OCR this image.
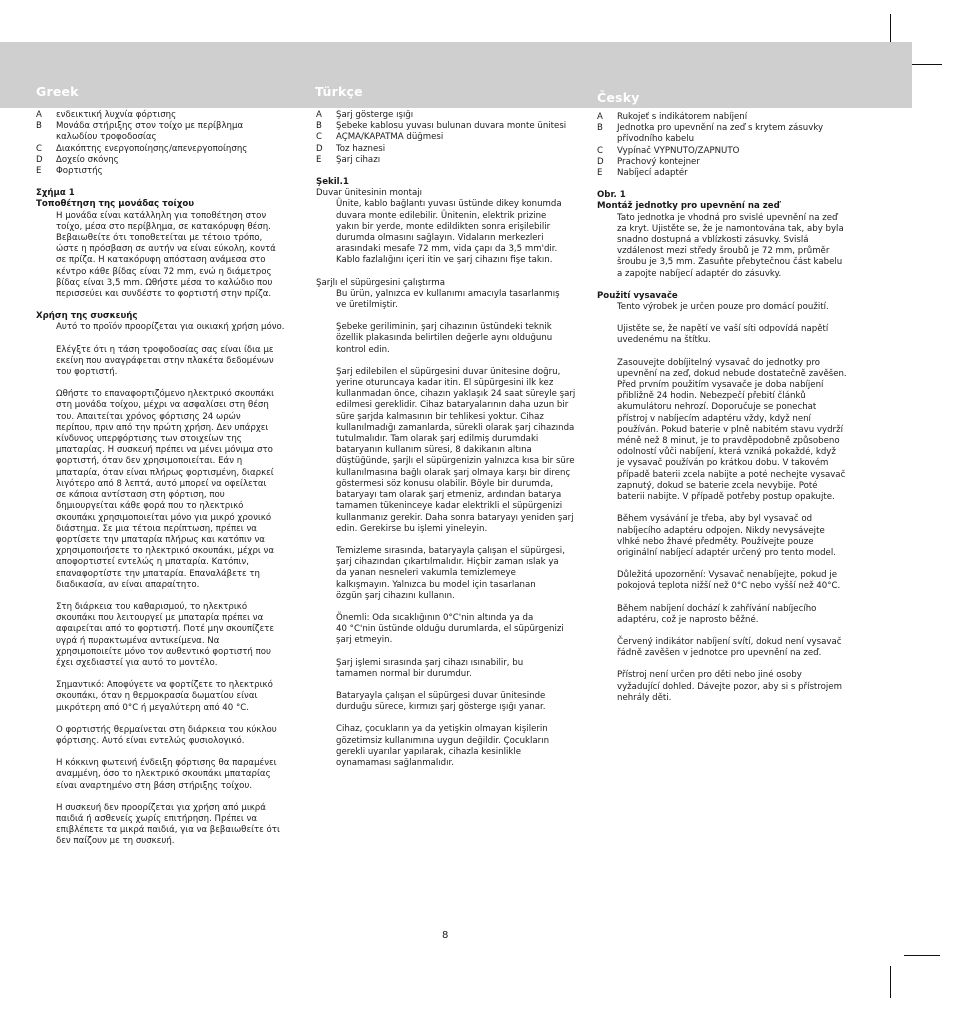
Greek	Türkçe	Česky
A ενδεικτική λυχνία φόρτισης
B Μονάδα στήριξης στον τοίχο με περίβλημα
καλωδίου τροφοδοσίας
C Διακόπτης ενεργοποίησης/απενεργοποίησης
D Δοχείο σκόνης
E Φορτιστής
Σχήμα 1
Τοποθέτηση της μονάδας τοίχου
Η μονάδα είναι κατάλληλη για τοποθέτηση στον
τοίχο, μέσα στο περίβλημα, σε κατακόρυφη θέση.
Βεβαιωθείτε ότι τοποθετείται με τέτοιο τρόπο,
ώστε η πρόσβαση σε αυτήν να είναι εύκολη, κοντά
σε πρίζα. Η κατακόρυφη απόσταση ανάμεσα στο
κέντρο κάθε βίδας είναι 72 mm, ενώ η διάμετρος
βίδας είναι 3,5 mm. Ωθήστε μέσα το καλώδιο που
περισσεύει και συνδέστε το φορτιστή στην πρίζα.
Χρήση της συσκευής
Αυτό το προϊόν προορίζεται για οικιακή χρήση μόνο.
Ελέγξτε ότι η τάση τροφοδοσίας σας είναι ίδια με
εκείνη που αναγράφεται στην πλακέτα δεδομένων
του φορτιστή.
Ωθήστε το επαναφορτιζόμενο ηλεκτρικό σκουπάκι
στη μονάδα τοίχου, μέχρι να ασφαλίσει στη θέση
του. Απαιτείται χρόνος φόρτισης 24 ωρών
περίπου, πριν από την πρώτη χρήση. Δεν υπάρχει
κίνδυνος υπερφόρτισης των στοιχείων της
μπαταρίας. Η συσκευή πρέπει να μένει μόνιμα στο
φορτιστή, όταν δεν χρησιμοποιείται. Εάν η
μπαταρία, όταν είναι πλήρως φορτισμένη, διαρκεί
λιγότερο από 8 λεπτά, αυτό μπορεί να οφείλεται
σε κάποια αντίσταση στη φόρτιση, που
δημιουργείται κάθε φορά που το ηλεκτρικό
σκουπάκι χρησιμοποιείται μόνο για μικρό χρονικό
διάστημα. Σε μια τέτοια περίπτωση, πρέπει να
φορτίσετε την μπαταρία πλήρως και κατόπιν να
χρησιμοποιήσετε το ηλεκτρικό σκουπάκι, μέχρι να
αποφορτιστεί εντελώς η μπαταρία. Κατόπιν,
επαναφορτίστε την μπαταρία. Επαναλάβετε τη
διαδικασία, αν είναι απαραίτητο.
Στη διάρκεια του καθαρισμού, το ηλεκτρικό
σκουπάκι που λειτουργεί με μπαταρία πρέπει να
αφαιρείται από το φορτιστή. Ποτέ μην σκουπίζετε
υγρά ή πυρακτωμένα αντικείμενα. Να
χρησιμοποιείτε μόνο τον αυθεντικό φορτιστή που
έχει σχεδιαστεί για αυτό το μοντέλο.
Σημαντικό: Αποφύγετε να φορτίζετε το ηλεκτρικό
σκουπάκι, όταν η θερμοκρασία δωματίου είναι
μικρότερη από 0°C ή μεγαλύτερη από 40 °C.
Ο φορτιστής θερμαίνεται στη διάρκεια του κύκλου
φόρτισης. Αυτό είναι εντελώς φυσιολογικό.
Η κόκκινη φωτεινή ένδειξη φόρτισης θα παραμένει
αναμμένη, όσο το ηλεκτρικό σκουπάκι μπαταρίας
είναι αναρτημένο στη βάση στήριξης τοίχου.
Η συσκευή δεν προορίζεται για χρήση από μικρά
παιδιά ή ασθενείς χωρίς επιτήρηση. Πρέπει να
επιβλέπετε τα μικρά παιδιά, για να βεβαιωθείτε ότι
δεν παίζουν με τη συσκευή.
A Şarj gösterge ışığı
B Şebeke kablosu yuvası bulunan duvara monte ünitesi
C AÇMA/KAPATMA düğmesi
D Toz haznesi
E Şarj cihazı
Şekil.1
Duvar ünitesinin montajı
Ünite, kablo bağlantı yuvası üstünde dikey konumda
duvara monte edilebilir. Ünitenin, elektrik prizine
yakın bir yerde, monte edildikten sonra erişilebilir
durumda olmasını sağlayın. Vidaların merkezleri
arasındaki mesafe 72 mm, vida çapı da 3,5 mm'dir.
Kablo fazlalığını içeri itin ve şarj cihazını fişe takın.
Şarjlı el süpürgesini çalıştırma
Bu ürün, yalnızca ev kullanımı amacıyla tasarlanmış
ve üretilmiştir.
Şebeke geriliminin, şarj cihazının üstündeki teknik
özellik plakasında belirtilen değerle aynı olduğunu
kontrol edin.
Şarj edilebilen el süpürgesini duvar ünitesine doğru,
yerine oturuncaya kadar itin. El süpürgesini ilk kez
kullanmadan önce, cihazın yaklaşık 24 saat süreyle şarj
edilmesi gereklidir. Cihaz bataryalarının daha uzun bir
süre şarjda kalmasının bir tehlikesi yoktur. Cihaz
kullanılmadığı zamanlarda, sürekli olarak şarj cihazında
tutulmalıdır. Tam olarak şarj edilmiş durumdaki
bataryanın kullanım süresi, 8 dakikanın altına
düştüğünde, şarjlı el süpürgenizin yalnızca kısa bir süre
kullanılmasına bağlı olarak şarj olmaya karşı bir direnç
göstermesi söz konusu olabilir. Böyle bir durumda,
bataryayı tam olarak şarj etmeniz, ardından batarya
tamamen tükeninceye kadar elektrikli el süpürgenizi
kullanmanız gerekir. Daha sonra bataryayı yeniden şarj
edin. Gerekirse bu işlemi yineleyin.
Temizleme sırasında, bataryayla çalışan el süpürgesi,
şarj cihazından çıkartılmalıdır. Hiçbir zaman ıslak ya
da yanan nesneleri vakumla temizlemeye
kalkışmayın. Yalnızca bu model için tasarlanan
özgün şarj cihazını kullanın.
Önemli: Oda sıcaklığının 0°C'nin altında ya da
40 °C'nin üstünde olduğu durumlarda, el süpürgenizi
şarj etmeyin.
Şarj işlemi sırasında şarj cihazı ısınabilir, bu
tamamen normal bir durumdur.
Bataryayla çalışan el süpürgesi duvar ünitesinde
durduğu sürece, kırmızı şarj gösterge ışığı yanar.
Cihaz, çocukların ya da yetişkin olmayan kişilerin
gözetimsiz kullanımına uygun değildir. Çocukların
gerekli uyarılar yapılarak, cihazla kesinlikle
oynamaması sağlanmalıdır.
A Rukojeť s indikátorem nabíjení
B Jednotka pro upevnění na zeď s krytem zásuvky
přívodního kabelu
C Vypínač VYPNUTO/ZAPNUTO
D Prachový kontejner
E Nabíjecí adaptér
Obr. 1
Montáž jednotky pro upevnění na zeď
Tato jednotka je vhodná pro svislé upevnění na zeď
za kryt. Ujistěte se, že je namontována tak, aby byla
snadno dostupná a vblízkosti zásuvky. Svislá
vzdálenost mezi středy šroubů je 72 mm, průměr
šroubu je 3,5 mm. Zasuňte přebytečnou část kabelu
a zapojte nabíjecí adaptér do zásuvky.
Použití vysavače
Tento výrobek je určen pouze pro domácí použití.
Ujistěte se, že napětí ve vaší síti odpovídá napětí
uvedenému na štítku.
Zasouvejte dobíjitelný vysavač do jednotky pro
upevnění na zeď, dokud nebude dostatečně zavěšen.
Před prvním použitím vysavače je doba nabíjení
přibližně 24 hodin. Nebezpečí přebití článků
akumulátoru nehrozí. Doporučuje se ponechat
přístroj v nabíjecím adaptéru vždy, když není
používán. Pokud baterie v plně nabitém stavu vydrží
méně než 8 minut, je to pravděpodobně způsobeno
odolností vůči nabíjení, která vzniká pokaždé, když
je vysavač používán po krátkou dobu. V takovém
případě baterii zcela nabijte a poté nechejte vysavač
zapnutý, dokud se baterie zcela nevybije. Poté
baterii nabijte. V případě potřeby postup opakujte.
Během vysávání je třeba, aby byl vysavač od
nabíjecího adaptéru odpojen. Nikdy nevysávejte
vlhké nebo žhavé předměty. Používejte pouze
originální nabíjecí adaptér určený pro tento model.
Důležitá upozornění: Vysavač nenabíjejte, pokud je
pokojová teplota nižší než 0°C nebo vyšší než 40°C.
Během nabíjení dochází k zahřívání nabíjecího
adaptéru, což je naprosto běžné.
Červený indikátor nabíjení svítí, dokud není vysavač
řádně zavěšen v jednotce pro upevnění na zeď.
Přístroj není určen pro děti nebo jiné osoby
vyžadující dohled. Dávejte pozor, aby si s přístrojem
nehrály děti.
8
